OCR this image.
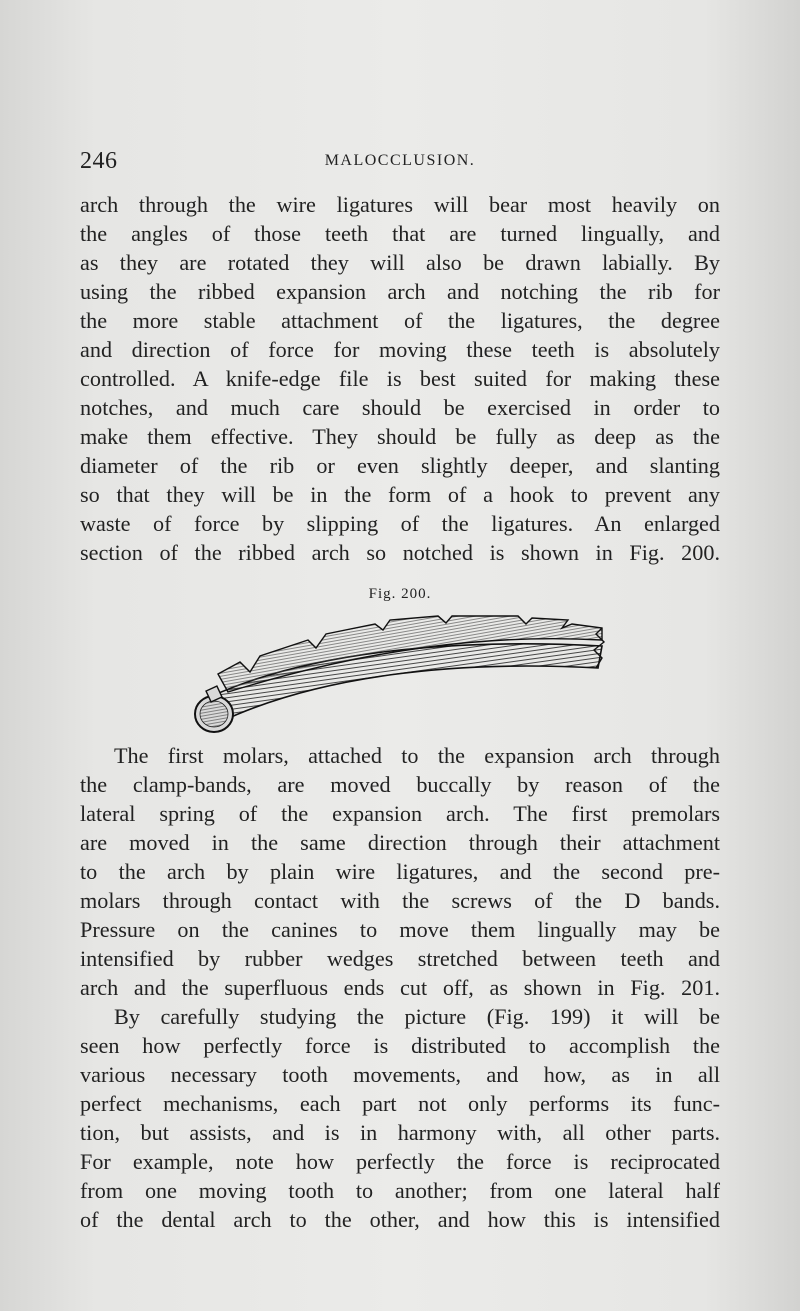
246	MALOCCLUSION.
arch through the wire ligatures will bear most heavily on
the angles of those teeth that are turned lingually, and
as they are rotated they will also be drawn labially. By
using the ribbed expansion arch and notching the rib for
the more stable attachment of the ligatures, the degree
and direction of force for moving these teeth is absolutely
controlled. A knife-edge file is best suited for making these
notches, and much care should be exercised in order to
make them effective. They should be fully as deep as the
diameter of the rib or even slightly deeper, and slanting
so that they will be in the form of a hook to prevent any
waste of force by slipping of the ligatures. An enlarged
section of the ribbed arch so notched is shown in Fig. 200.
Fig. 200.
The first molars, attached to the expansion arch through
the clamp-bands, are moved buccally by reason of the
lateral spring of the expansion arch. The first premolars
are moved in the same direction through their attachment
to the arch by plain wire ligatures, and the second pre-
molars through contact with the screws of the D bands.
Pressure on the canines to move them lingually may be
intensified by rubber wedges stretched between teeth and
arch and the superfluous ends cut off, as shown in Fig. 201.
By carefully studying the picture (Fig. 199) it will be
seen how perfectly force is distributed to accomplish the
various necessary tooth movements, and how, as in all
perfect mechanisms, each part not only performs its func-
tion, but assists, and is in harmony with, all other parts.
For example, note how perfectly the force is reciprocated
from one moving tooth to another; from one lateral half
of the dental arch to the other, and how this is intensified
